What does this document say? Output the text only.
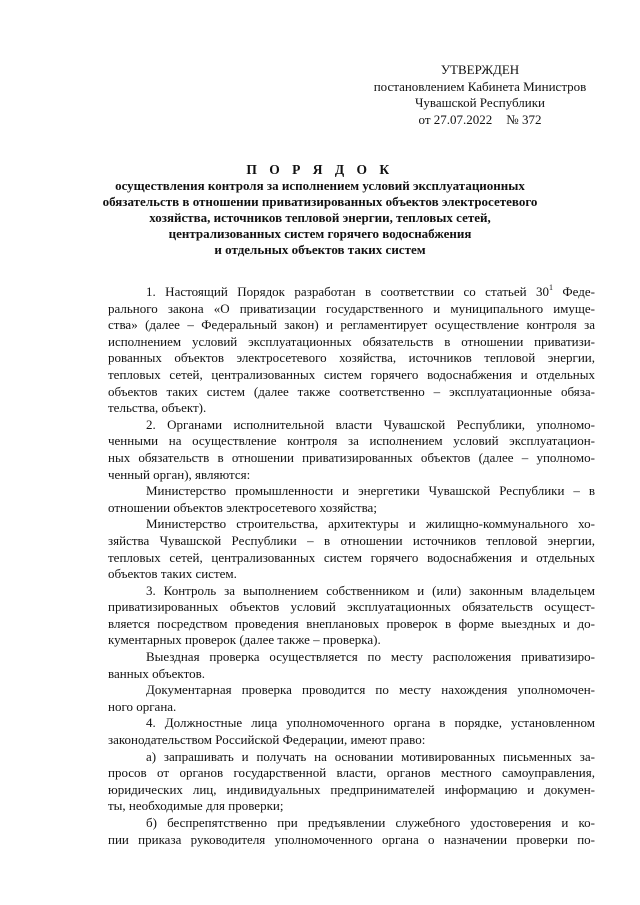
УТВЕРЖДЕН
постановлением Кабинета Министров
Чувашской Республики
от 27.07.2022 № 372
П О Р Я Д О К
осуществления контроля за исполнением условий эксплуатационных
обязательств в отношении приватизированных объектов электросетевого
хозяйства, источников тепловой энергии, тепловых сетей,
централизованных систем горячего водоснабжения
и отдельных объектов таких систем
1. Настоящий Порядок разработан в соответствии со статьей $30^1$ Феде-
рального закона «О приватизации государственного и муниципального имуще-
ства» (далее – Федеральный закон) и регламентирует осуществление контроля за
исполнением условий эксплуатационных обязательств в отношении приватизи-
рованных объектов электросетевого хозяйства, источников тепловой энергии,
тепловых сетей, централизованных систем горячего водоснабжения и отдельных
объектов таких систем (далее также соответственно – эксплуатационные обяза-
тельства, объект).
2. Органами исполнительной власти Чувашской Республики, уполномо-
ченными на осуществление контроля за исполнением условий эксплуатацион-
ных обязательств в отношении приватизированных объектов (далее – уполномо-
ченный орган), являются:
Министерство промышленности и энергетики Чувашской Республики – в
отношении объектов электросетевого хозяйства;
Министерство строительства, архитектуры и жилищно-коммунального хо-
зяйства Чувашской Республики – в отношении источников тепловой энергии,
тепловых сетей, централизованных систем горячего водоснабжения и отдельных
объектов таких систем.
3. Контроль за выполнением собственником и (или) законным владельцем
приватизированных объектов условий эксплуатационных обязательств осущест-
вляется посредством проведения внеплановых проверок в форме выездных и до-
кументарных проверок (далее также – проверка).
Выездная проверка осуществляется по месту расположения приватизиро-
ванных объектов.
Документарная проверка проводится по месту нахождения уполномочен-
ного органа.
4. Должностные лица уполномоченного органа в порядке, установленном
законодательством Российской Федерации, имеют право:
а) запрашивать и получать на основании мотивированных письменных за-
просов от органов государственной власти, органов местного самоуправления,
юридических лиц, индивидуальных предпринимателей информацию и докумен-
ты, необходимые для проверки;
б) беспрепятственно при предъявлении служебного удостоверения и ко-
пии приказа руководителя уполномоченного органа о назначении проверки по-
